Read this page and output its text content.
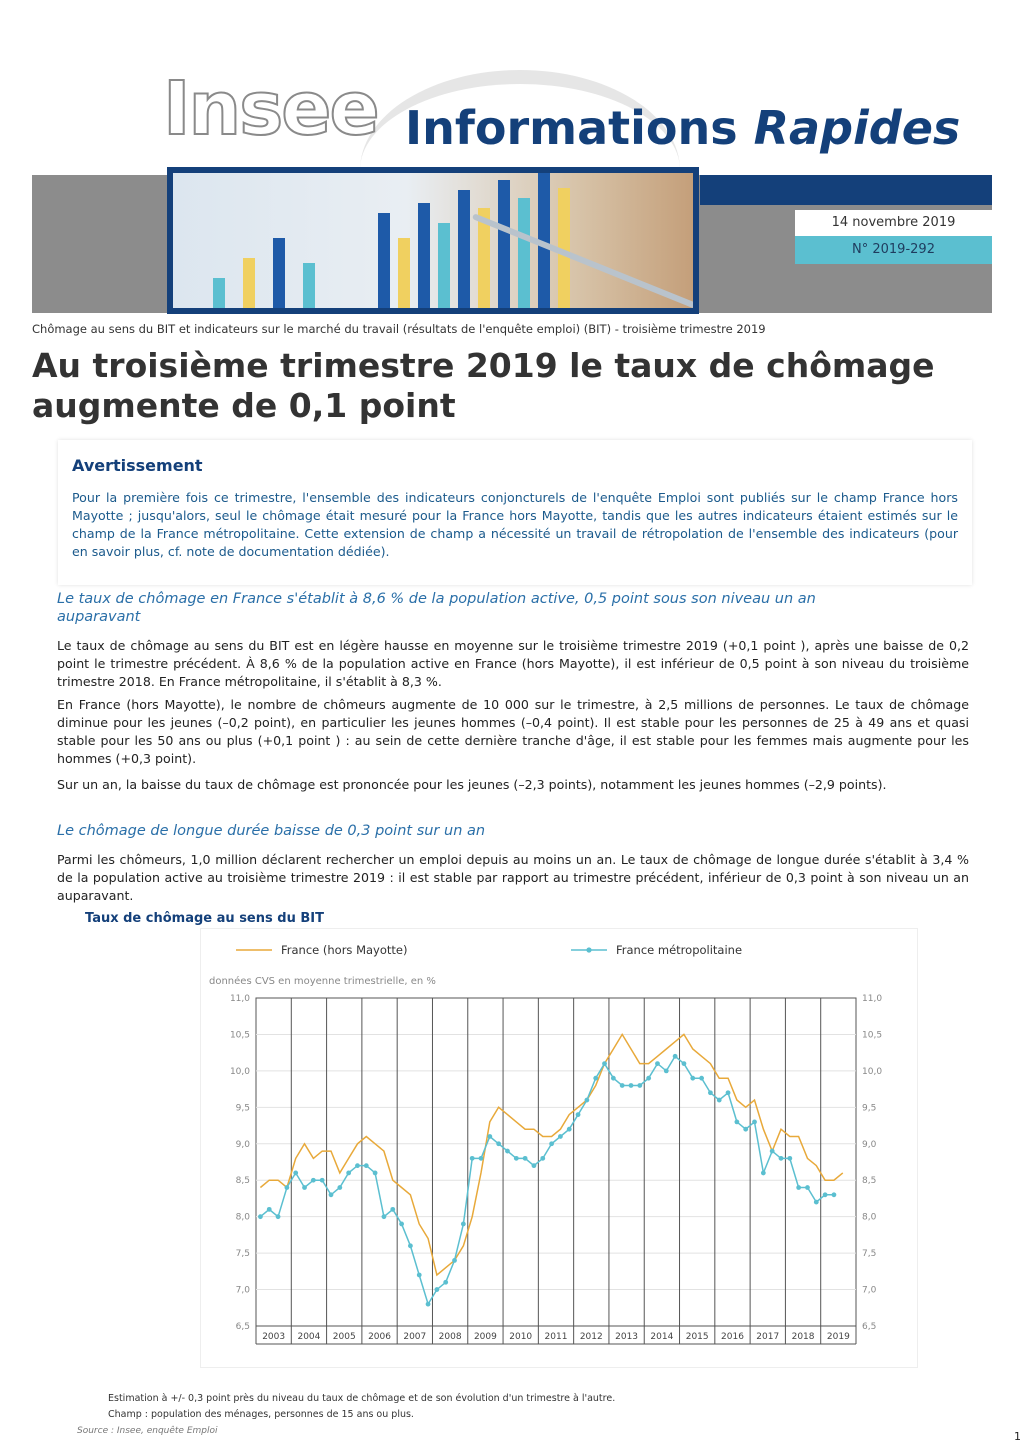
Insee Informations Rapides
14 novembre 2019
N° 2019-292
Chômage au sens du BIT et indicateurs sur le marché du travail (résultats de l'enquête emploi) (BIT) - troisième trimestre 2019
Au troisième trimestre 2019 le taux de chômage augmente de 0,1 point
Avertissement

Pour la première fois ce trimestre, l'ensemble des indicateurs conjoncturels de l'enquête Emploi sont publiés sur le champ France hors Mayotte ; jusqu'alors, seul le chômage était mesuré pour la France hors Mayotte, tandis que les autres indicateurs étaient estimés sur le champ de la France métropolitaine. Cette extension de champ a nécessité un travail de rétropolation de l'ensemble des indicateurs (pour en savoir plus, cf. note de documentation dédiée).

Le taux de chômage en France s'établit à 8,6 % de la population active, 0,5 point sous son niveau un an auparavant

Le taux de chômage au sens du BIT est en légère hausse en moyenne sur le troisième trimestre 2019 (+0,1 point ), après une baisse de 0,2 point le trimestre précédent. À 8,6 % de la population active en France (hors Mayotte), il est inférieur de 0,5 point à son niveau du troisième trimestre 2018. En France métropolitaine, il s'établit à 8,3 %.

En France (hors Mayotte), le nombre de chômeurs augmente de 10 000 sur le trimestre, à 2,5 millions de personnes. Le taux de chômage diminue pour les jeunes (–0,2 point), en particulier les jeunes hommes (–0,4 point). Il est stable pour les personnes de 25 à 49 ans et quasi stable pour les 50 ans ou plus (+0,1 point ) : au sein de cette dernière tranche d'âge, il est stable pour les femmes mais augmente pour les hommes (+0,3 point).

Sur un an, la baisse du taux de chômage est prononcée pour les jeunes (–2,3 points), notamment les jeunes hommes (–2,9 points).

Le chômage de longue durée baisse de 0,3 point sur un an

Parmi les chômeurs, 1,0 million déclarent rechercher un emploi depuis au moins un an. Le taux de chômage de longue durée s'établit à 3,4 % de la population active au troisième trimestre 2019 : il est stable par rapport au trimestre précédent, inférieur de 0,3 point à son niveau un an auparavant.

Taux de chômage au sens du BIT
6,5	6,5
7,0	7,0
7,5	7,5
8,0	8,0
8,5	8,5
9,0	9,0
9,5	9,5
10,0	10,0
10,5	10,5
11,0	11,0
2003 2004 2005 2006 2007 2008 2009 2010 2011 2012 2013 2014 2015 2016 2017 2018 2019
données CVS en moyenne trimestrielle, en %
France (hors Mayotte)	France métropolitaine
Estimation à +/- 0,3 point près du niveau du taux de chômage et de son évolution d'un trimestre à l'autre.
Champ : population des ménages, personnes de 15 ans ou plus.
Source : Insee, enquête Emploi	1
